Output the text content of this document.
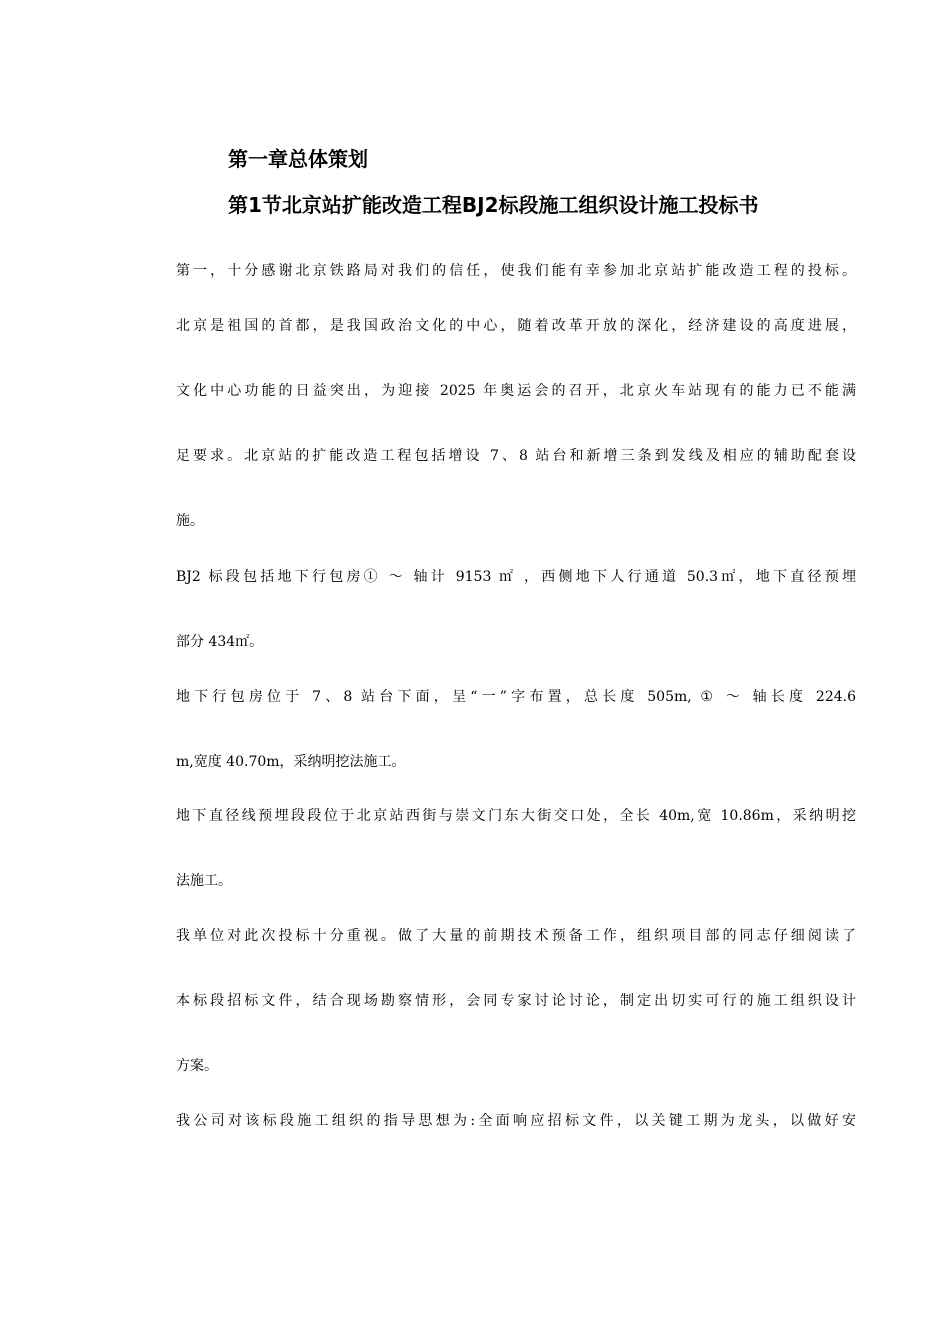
第一章总体策划
第1节北京站扩能改造工程BJ2标段施工组织设计施工投标书
第一，十分感谢北京铁路局对我们的信任，使我们能有幸参加北京站扩能改造工程的投标。
北京是祖国的首都，是我国政治文化的中心，随着改革开放的深化，经济建设的高度进展，
文化中心功能的日益突出，为迎接 2025 年奥运会的召开，北京火车站现有的能力已不能满
足要求。北京站的扩能改造工程包括增设 7、8 站台和新增三条到发线及相应的辅助配套设
施。
BJ2 标段包括地下行包房① ～ 轴计 9153 ㎡ ，西侧地下人行通道 50.3㎡，地下直径预埋
部分 434㎡。
地下行包房位于 7、8 站台下面，呈“一”字布置，总长度 505m, ① ～ 轴长度 224.6
m,宽度 40.70m，采纳明挖法施工。
地下直径线预埋段段位于北京站西街与崇文门东大街交口处，全长 40m,宽 10.86m，采纳明挖
法施工。
我单位对此次投标十分重视。做了大量的前期技术预备工作，组织项目部的同志仔细阅读了
本标段招标文件，结合现场勘察情形，会同专家讨论讨论，制定出切实可行的施工组织设计
方案。
我公司对该标段施工组织的指导思想为:全面响应招标文件，以关键工期为龙头，以做好安
